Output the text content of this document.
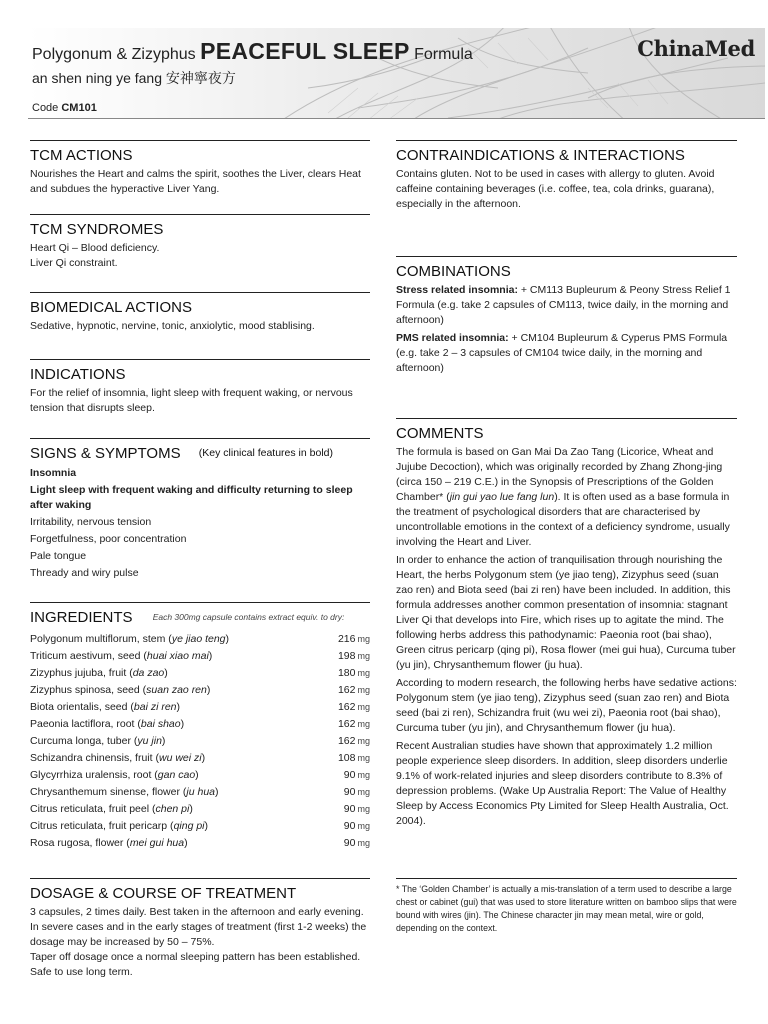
Polygonum & Zizyphus PEACEFUL SLEEP Formula
an shen ning ye fang 安神寧夜方
Code CM101
ChinaMed
TCM ACTIONS
Nourishes the Heart and calms the spirit, soothes the Liver, clears Heat and subdues the hyperactive Liver Yang.
TCM SYNDROMES
Heart Qi – Blood deficiency.
Liver Qi constraint.
BIOMEDICAL ACTIONS
Sedative, hypnotic, nervine, tonic, anxiolytic, mood stablising.
INDICATIONS
For the relief of insomnia, light sleep with frequent waking, or nervous tension that disrupts sleep.
SIGNS & SYMPTOMS (Key clinical features in bold)
Insomnia
Light sleep with frequent waking and difficulty returning to sleep after waking
Irritability, nervous tension
Forgetfulness, poor concentration
Pale tongue
Thready and wiry pulse
INGREDIENTS Each 300mg capsule contains extract equiv. to dry:
Polygonum multiflorum, stem (ye jiao teng)	216 mg
Triticum aestivum, seed (huai xiao mai)	198 mg
Zizyphus jujuba, fruit (da zao)	180 mg
Zizyphus spinosa, seed (suan zao ren)	162 mg
Biota orientalis, seed (bai zi ren)	162 mg
Paeonia lactiflora, root (bai shao)	162 mg
Curcuma longa, tuber (yu jin)	162 mg
Schizandra chinensis, fruit (wu wei zi)	108 mg
Glycyrrhiza uralensis, root (gan cao)	90 mg
Chrysanthemum sinense, flower (ju hua)	90 mg
Citrus reticulata, fruit peel (chen pi)	90 mg
Citrus reticulata, fruit pericarp (qing pi)	90 mg
Rosa rugosa, flower (mei gui hua)	90 mg
DOSAGE & COURSE OF TREATMENT
3 capsules, 2 times daily. Best taken in the afternoon and early evening.
In severe cases and in the early stages of treatment (first 1-2 weeks) the dosage may be increased by 50 – 75%.
Taper off dosage once a normal sleeping pattern has been established.
Safe to use long term.
CONTRAINDICATIONS & INTERACTIONS
Contains gluten. Not to be used in cases with allergy to gluten. Avoid caffeine containing beverages (i.e. coffee, tea, cola drinks, guarana), especially in the afternoon.
COMBINATIONS

Stress related insomnia: + CM113 Bupleurum & Peony Stress Relief 1 Formula (e.g. take 2 capsules of CM113, twice daily, in the morning and afternoon)

PMS related insomnia: + CM104 Bupleurum & Cyperus PMS Formula (e.g. take 2 – 3 capsules of CM104 twice daily, in the morning and afternoon)

COMMENTS

The formula is based on Gan Mai Da Zao Tang (Licorice, Wheat and Jujube Decoction), which was originally recorded by Zhang Zhong-jing (circa 150 – 219 C.E.) in the Synopsis of Prescriptions of the Golden Chamber* (jin gui yao lue fang lun). It is often used as a base formula in the treatment of psychological disorders that are characterised by uncontrollable emotions in the context of a deficiency syndrome, usually involving the Heart and Liver.

In order to enhance the action of tranquilisation through nourishing the Heart, the herbs Polygonum stem (ye jiao teng), Zizyphus seed (suan zao ren) and Biota seed (bai zi ren) have been included. In addition, this formula addresses another common presentation of insomnia: stagnant Liver Qi that develops into Fire, which rises up to agitate the mind. The following herbs address this pathodynamic: Paeonia root (bai shao), Green citrus pericarp (qing pi), Rosa flower (mei gui hua), Curcuma tuber (yu jin), Chrysanthemum flower (ju hua).

According to modern research, the following herbs have sedative actions: Polygonum stem (ye jiao teng), Zizyphus seed (suan zao ren) and Biota seed (bai zi ren), Schizandra fruit (wu wei zi), Paeonia root (bai shao), Curcuma tuber (yu jin), and Chrysanthemum flower (ju hua).

Recent Australian studies have shown that approximately 1.2 million people experience sleep disorders. In addition, sleep disorders underlie 9.1% of work-related injuries and sleep disorders contribute to 8.3% of depression problems. (Wake Up Australia Report: The Value of Healthy Sleep by Access Economics Pty Limited for Sleep Health Australia, Oct. 2004).

* The ‘Golden Chamber’ is actually a mis-translation of a term used to describe a large chest or cabinet (gui) that was used to store literature written on bamboo slips that were bound with wires (jin). The Chinese character jin may mean metal, wire or gold, depending on the context.
